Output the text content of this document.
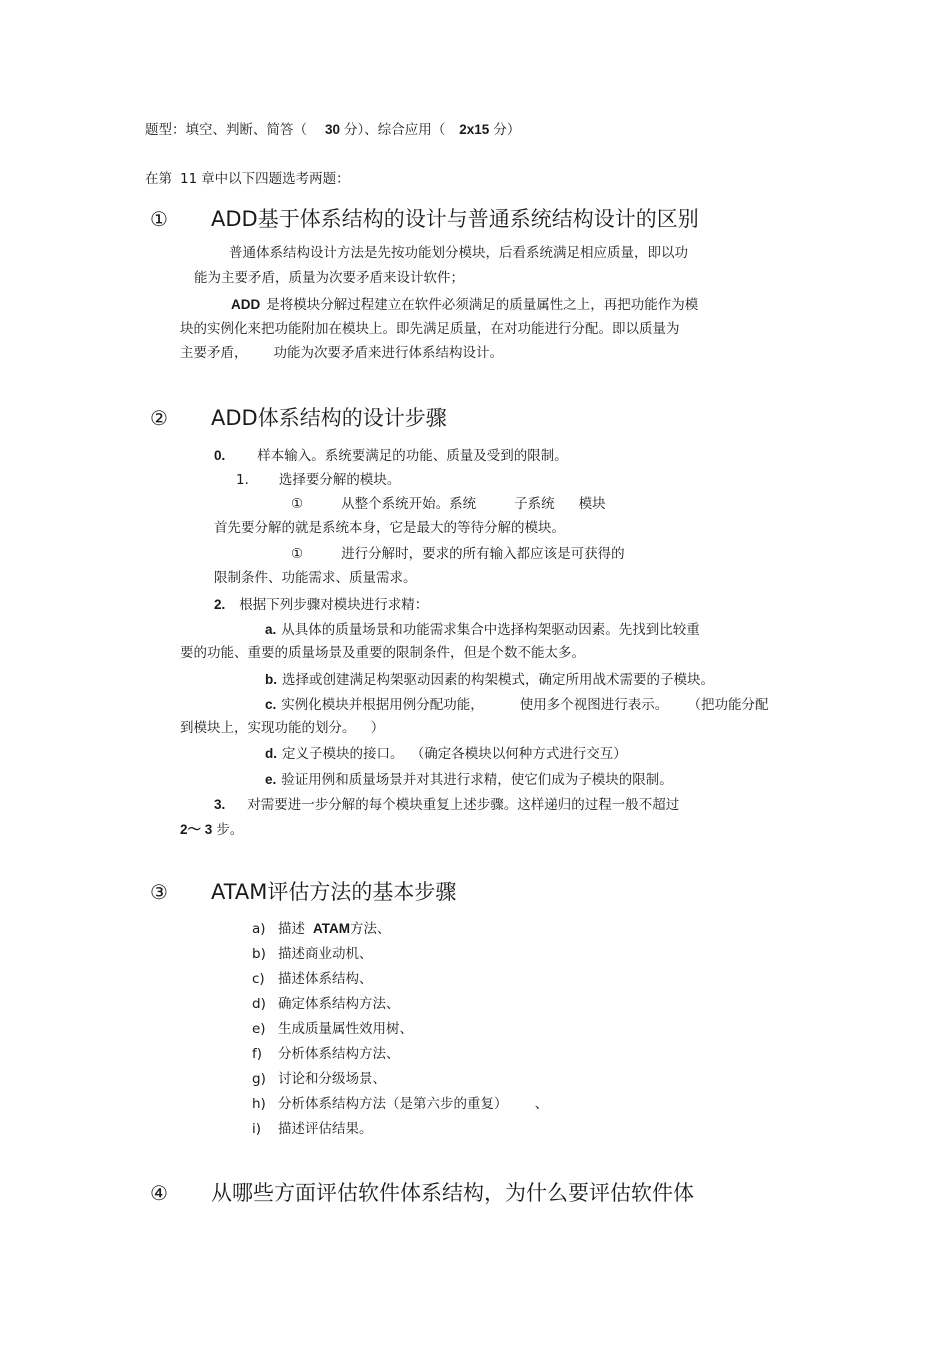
题型：填空、判断、简答（ 30 分）、综合应用（ 2x15 分）
在第 11 章中以下四题选考两题：
① ADD基于体系结构的设计与普通系统结构设计的区别
普通体系结构设计方法是先按功能划分模块，后看系统满足相应质量，即以功
能为主要矛盾，质量为次要矛盾来设计软件；
ADD 是将模块分解过程建立在软件必须满足的质量属性之上，再把功能作为模
块的实例化来把功能附加在模块上。即先满足质量，在对功能进行分配。即以质量为
主要矛盾， 功能为次要矛盾来进行体系结构设计。
② ADD体系结构的设计步骤
0. 样本输入。系统要满足的功能、质量及受到的限制。
1. 选择要分解的模块。
①	从整个系统开始。系统	子系统 模块
首先要分解的就是系统本身，它是最大的等待分解的模块。
①	进行分解时，要求的所有输入都应该是可获得的
限制条件、功能需求、质量需求。
2. 根据下列步骤对模块进行求精：
a. 从具体的质量场景和功能需求集合中选择构架驱动因素。先找到比较重
要的功能、重要的质量场景及重要的限制条件，但是个数不能太多。
b. 选择或创建满足构架驱动因素的构架模式，确定所用战术需要的子模块。
c. 实例化模块并根据用例分配功能，	使用多个视图进行表示。 （把功能分配
到模块上，实现功能的划分。 ）
d. 定义子模块的接口。 （确定各模块以何种方式进行交互）
e. 验证用例和质量场景并对其进行求精，使它们成为子模块的限制。
3. 对需要进一步分解的每个模块重复上述步骤。这样递归的过程一般不超过
2～ 3 步。
③ ATAM评估方法的基本步骤
a) 描述 ATAM方法、
b) 描述商业动机、
c) 描述体系结构、
d) 确定体系结构方法、
e) 生成质量属性效用树、
f) 分析体系结构方法、
g) 讨论和分级场景、
h) 分析体系结构方法（是第六步的重复）	、
i) 描述评估结果。
④ 从哪些方面评估软件体系结构，为什么要评估软件体
